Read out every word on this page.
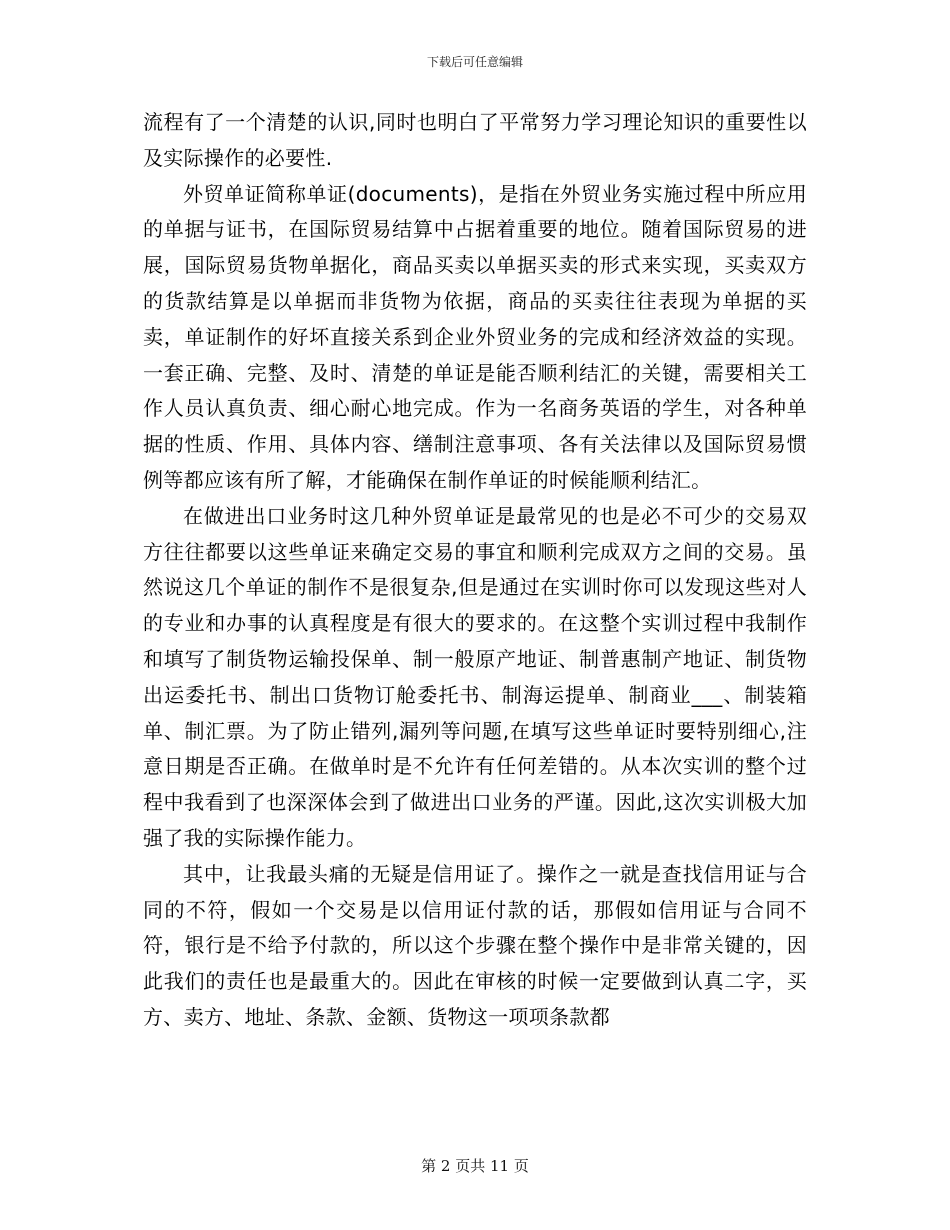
下载后可任意编辑

流程有了一个清楚的认识,同时也明白了平常努力学习理论知识的重要性以及实际操作的必要性.

外贸单证简称单证(documents)，是指在外贸业务实施过程中所应用的单据与证书，在国际贸易结算中占据着重要的地位。随着国际贸易的进展，国际贸易货物单据化，商品买卖以单据买卖的形式来实现，买卖双方的货款结算是以单据而非货物为依据，商品的买卖往往表现为单据的买卖，单证制作的好坏直接关系到企业外贸业务的完成和经济效益的实现。一套正确、完整、及时、清楚的单证是能否顺利结汇的关键，需要相关工作人员认真负责、细心耐心地完成。作为一名商务英语的学生，对各种单据的性质、作用、具体内容、缮制注意事项、各有关法律以及国际贸易惯例等都应该有所了解，才能确保在制作单证的时候能顺利结汇。

在做进出口业务时这几种外贸单证是最常见的也是必不可少的交易双方往往都要以这些单证来确定交易的事宜和顺利完成双方之间的交易。虽然说这几个单证的制作不是很复杂,但是通过在实训时你可以发现这些对人的专业和办事的认真程度是有很大的要求的。在这整个实训过程中我制作和填写了制货物运输投保单、制一般原产地证、制普惠制产地证、制货物出运委托书、制出口货物订舱委托书、制海运提单、制商业___、制装箱单、制汇票。为了防止错列,漏列等问题,在填写这些单证时要特别细心,注意日期是否正确。在做单时是不允许有任何差错的。从本次实训的整个过程中我看到了也深深体会到了做进出口业务的严谨。因此,这次实训极大加强了我的实际操作能力。

其中，让我最头痛的无疑是信用证了。操作之一就是查找信用证与合同的不符，假如一个交易是以信用证付款的话，那假如信用证与合同不符，银行是不给予付款的，所以这个步骤在整个操作中是非常关键的，因此我们的责任也是最重大的。因此在审核的时候一定要做到认真二字，买方、卖方、地址、条款、金额、货物这一项项条款都

第 2 页共 11 页
